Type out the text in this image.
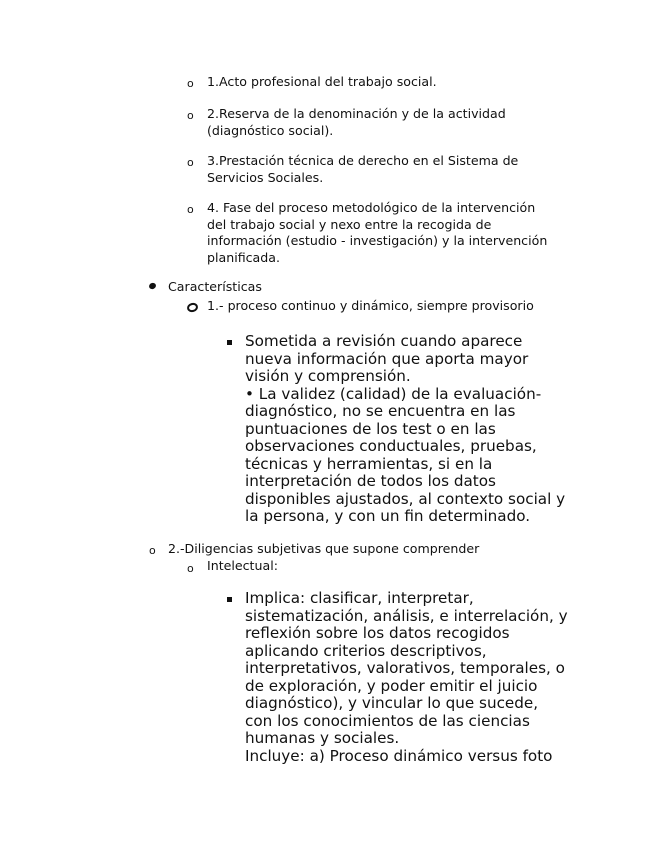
o 1.Acto profesional del trabajo social.
o 2.Reserva de la denominación y de la actividad
(diagnóstico social).
o 3.Prestación técnica de derecho en el Sistema de
Servicios Sociales.
o 4. Fase del proceso metodológico de la intervención
del trabajo social y nexo entre la recogida de
información (estudio - investigación) y la intervención
planificada.
Características
1.- proceso continuo y dinámico, siempre provisorio
Sometida a revisión cuando aparece
nueva información que aporta mayor
visión y comprensión.
• La validez (calidad) de la evaluación-
diagnóstico, no se encuentra en las
puntuaciones de los test o en las
observaciones conductuales, pruebas,
técnicas y herramientas, si en la
interpretación de todos los datos
disponibles ajustados, al contexto social y
la persona, y con un fin determinado.
o 2.-Diligencias subjetivas que supone comprender
o Intelectual:
Implica: clasificar, interpretar,
sistematización, análisis, e interrelación, y
reflexión sobre los datos recogidos
aplicando criterios descriptivos,
interpretativos, valorativos, temporales, o
de exploración, y poder emitir el juicio
diagnóstico), y vincular lo que sucede,
con los conocimientos de las ciencias
humanas y sociales.
Incluye: a) Proceso dinámico versus foto
